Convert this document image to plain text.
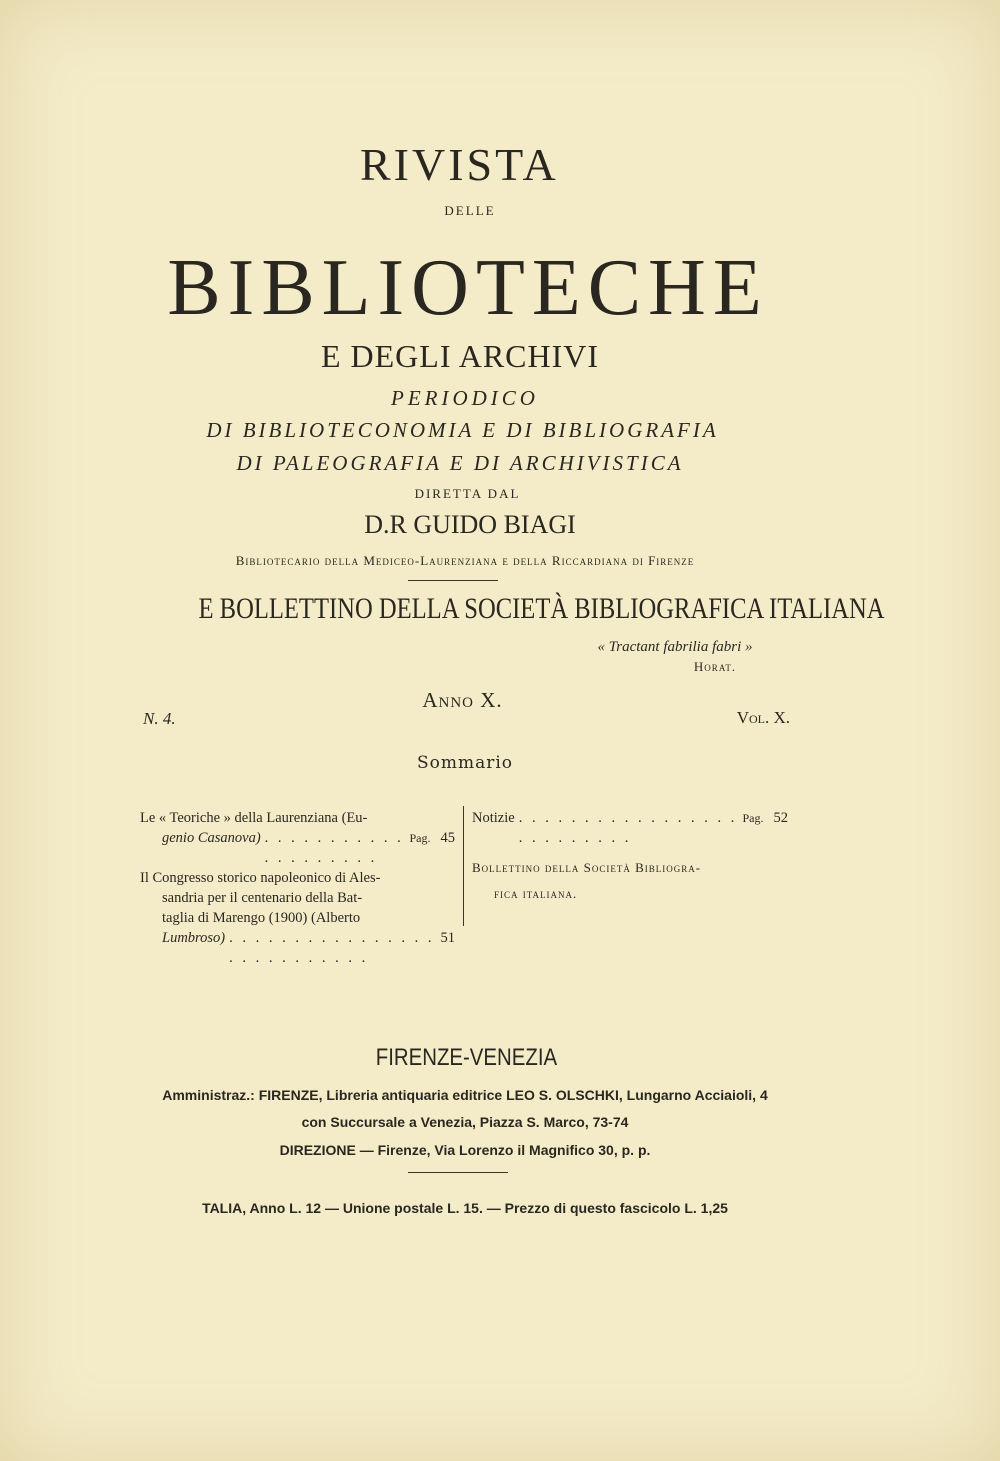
RIVISTA
DELLE
BIBLIOTECHE
E DEGLI ARCHIVI
PERIODICO
DI BIBLIOTECONOMIA E DI BIBLIOGRAFIA
DI PALEOGRAFIA E DI ARCHIVISTICA
DIRETTA DAL
D.R GUIDO BIAGI
Bibliotecario della Mediceo-Laurenziana e della Riccardiana di Firenze
E BOLLETTINO DELLA SOCIETÀ BIBLIOGRAFICA ITALIANA
« Tractant fabrilia fabri »
Horat.
Anno X.
N. 4.	Vol. X.
Sommario
Le « Teoriche » della Laurenziana (Eu-
genio Casanova) . . . . . . . . . . . . . . . . . . . .
Pag. 45
Il Congresso storico napoleonico di Ales-
sandria per il centenario della Bat-
taglia di Marengo (1900) (Alberto
Lumbroso) . . . . . . . . . . . . . . . . . . . . . . . . . . .
51
Notizie . . . . . . . . . . . . . . . . . . . . . . . . . .
Pag. 52
Bollettino della Società Bibliogra-
fica italiana.
FIRENZE-VENEZIA
Amministraz.: FIRENZE, Libreria antiquaria editrice LEO S. OLSCHKI, Lungarno Acciaioli, 4
con Succursale a Venezia, Piazza S. Marco, 73-74
DIREZIONE — Firenze, Via Lorenzo il Magnifico 30, p. p.
TALIA, Anno L. 12 — Unione postale L. 15. — Prezzo di questo fascicolo L. 1,25
